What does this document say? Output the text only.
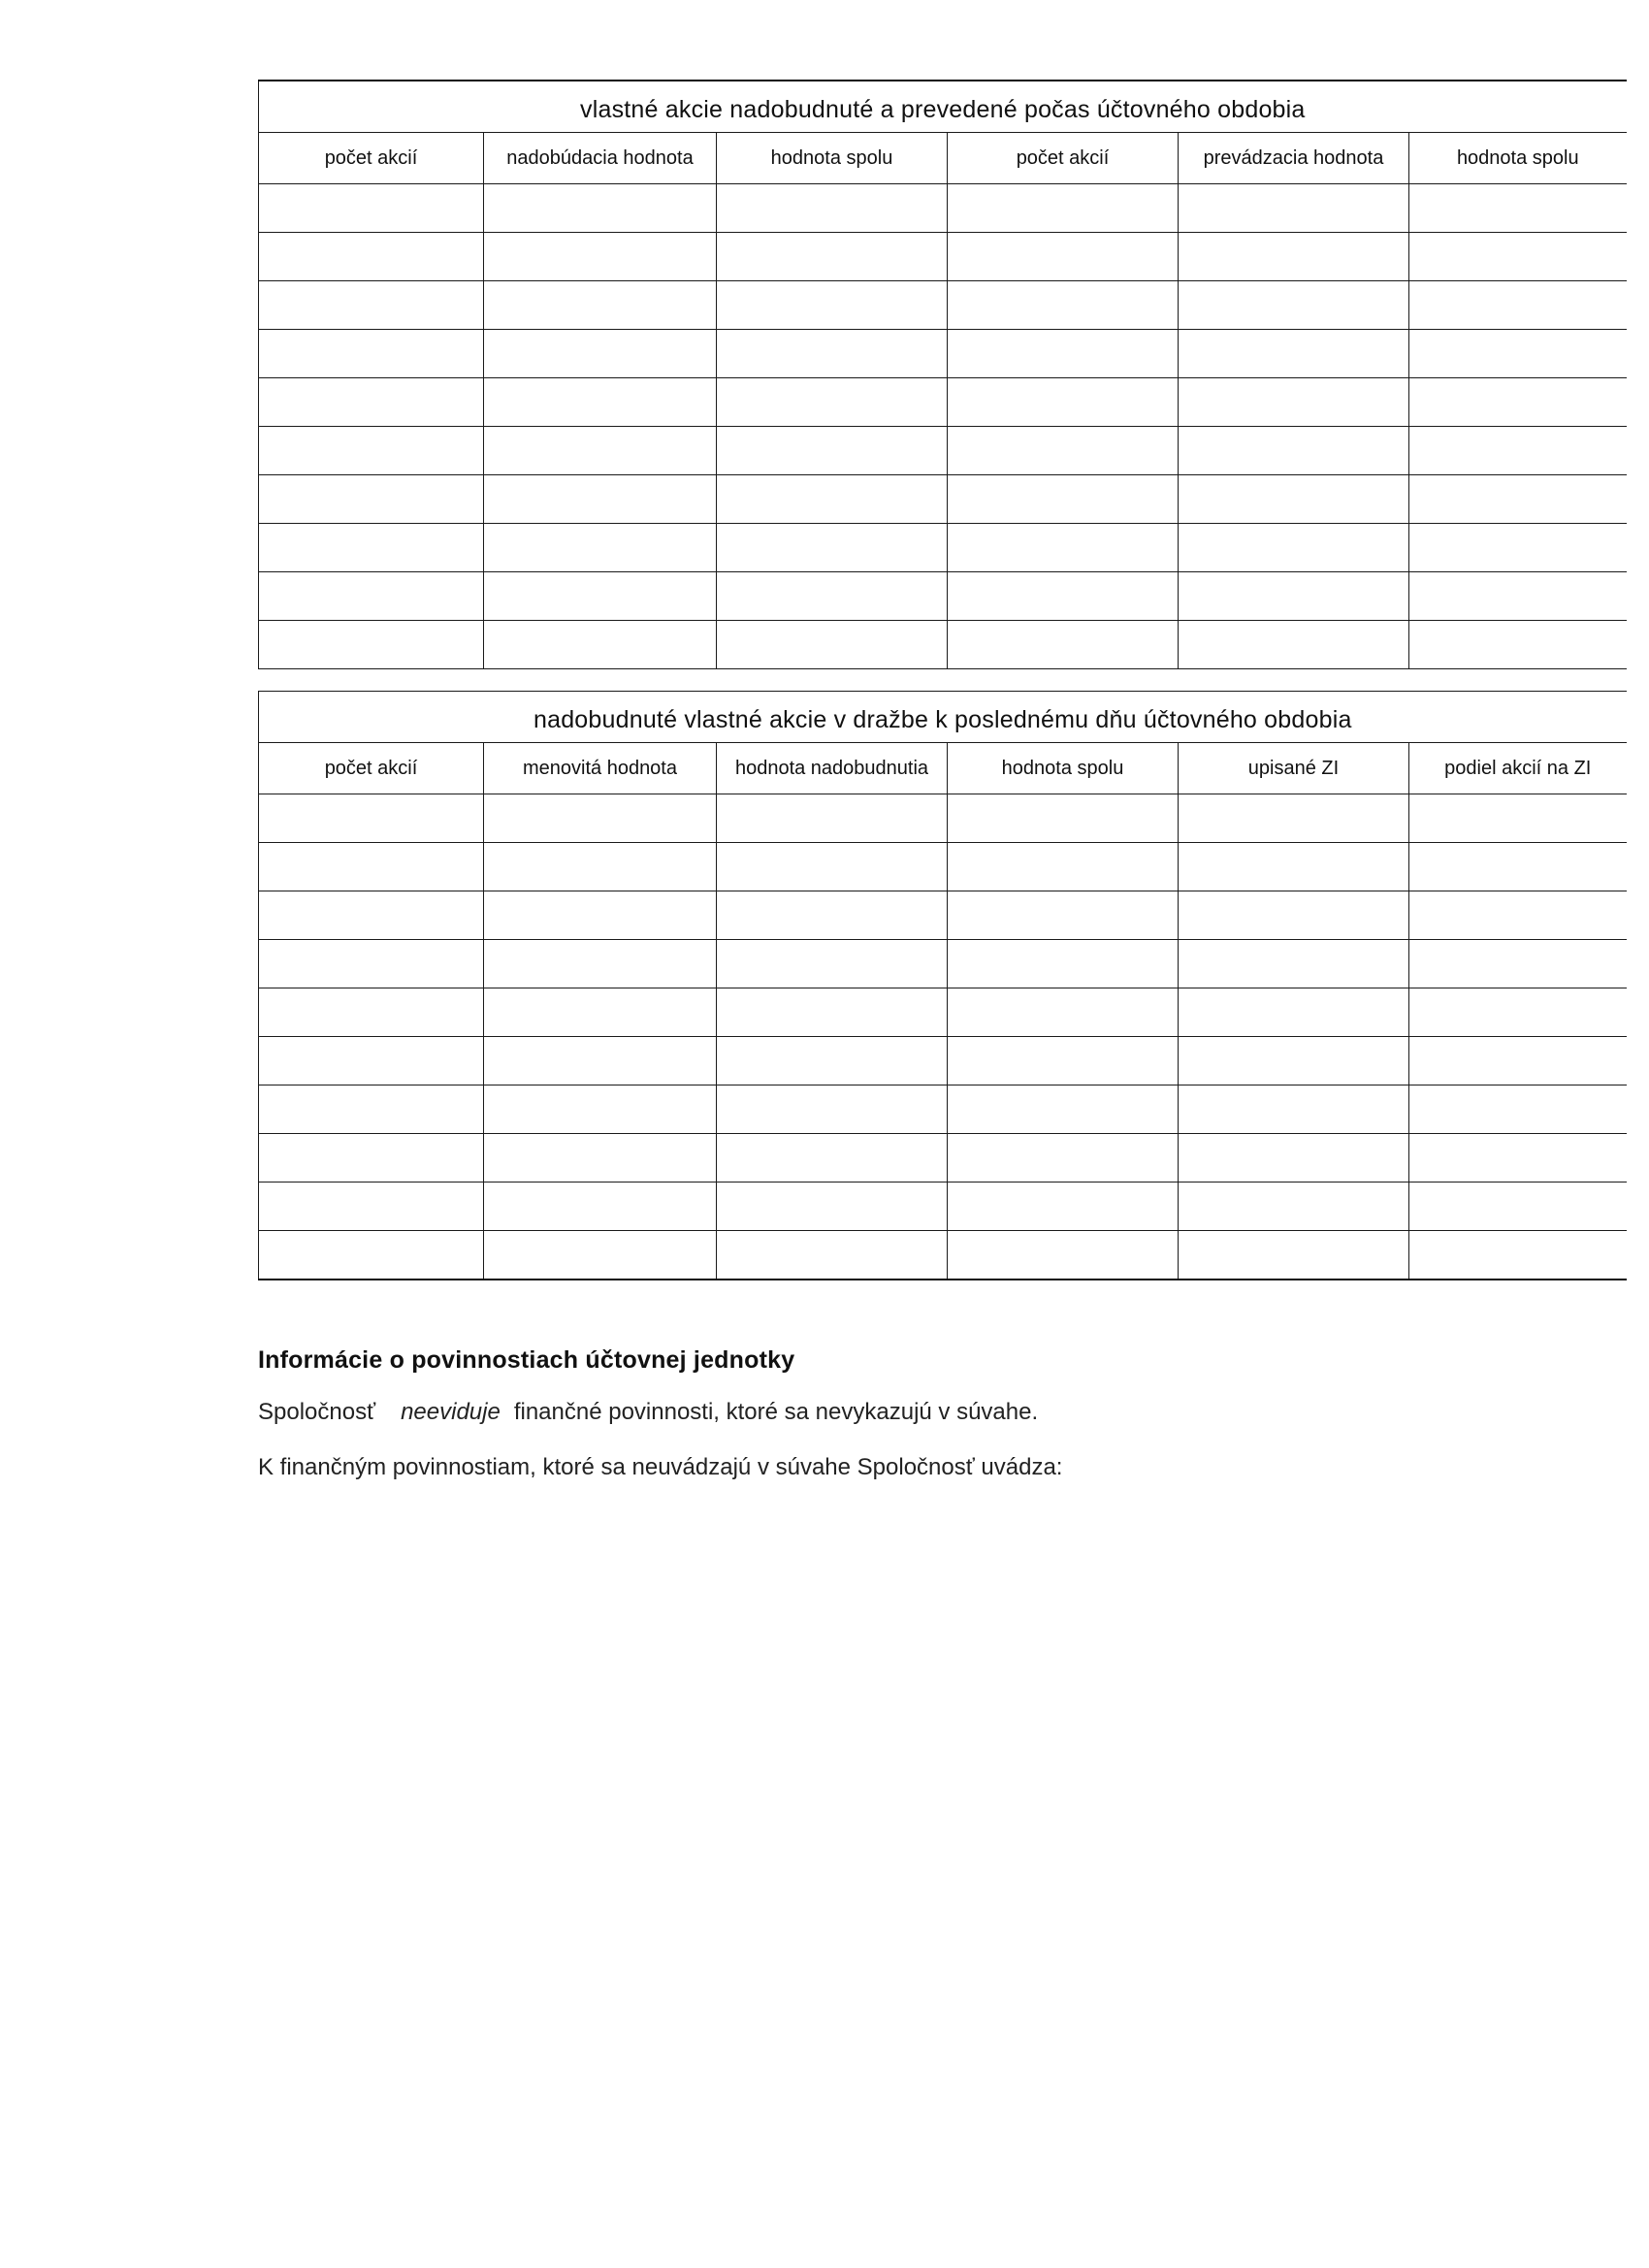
vlastné akcie nadobudnuté a prevedené počas účtovného obdobia					
počet akcií	nadobúdacia hodnota	hodnota spolu	počet akcií	prevádzacia hodnota	hodnota spolu

nadobudnuté vlastné akcie v dražbe k poslednému dňu účtovného obdobia					
počet akcií	menovitá hodnota	hodnota nadobudnutia	hodnota spolu	upisané ZI	podiel akcií na ZI

Informácie o povinnostiach účtovnej jednotky

Spoločnosť neeviduje finančné povinnosti, ktoré sa nevykazujú v súvahe.

K finančným povinnostiam, ktoré sa neuvádzajú v súvahe Spoločnosť uvádza:
